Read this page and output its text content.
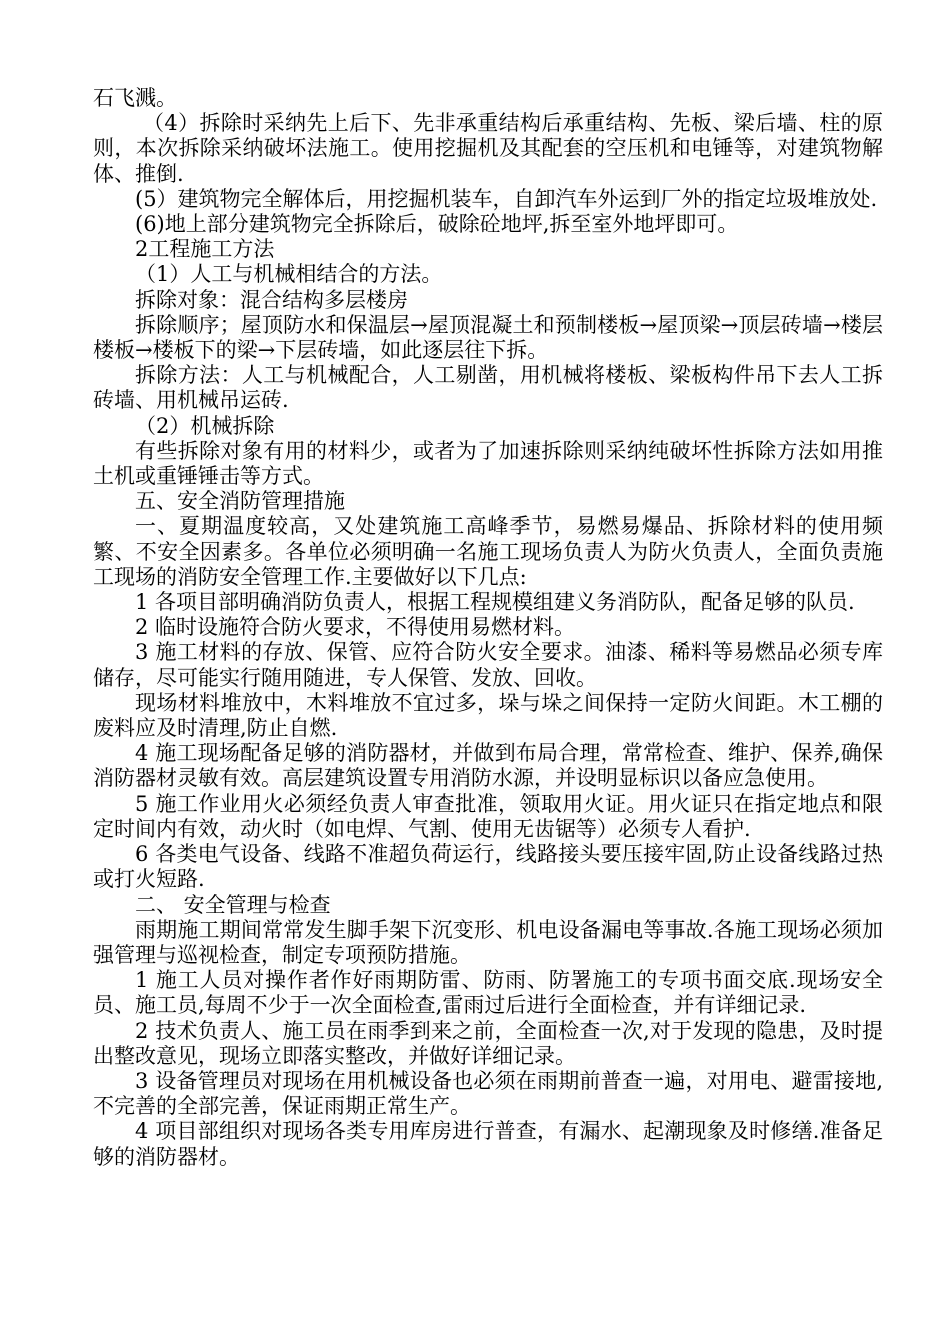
石飞溅。

（4）拆除时采纳先上后下、先非承重结构后承重结构、先板、梁后墙、柱的原则，本次拆除采纳破坏法施工。使用挖掘机及其配套的空压机和电锤等，对建筑物解体、推倒.

(5）建筑物完全解体后，用挖掘机装车，自卸汽车外运到厂外的指定垃圾堆放处.

(6)地上部分建筑物完全拆除后，破除砼地坪,拆至室外地坪即可。

2工程施工方法

（1）人工与机械相结合的方法。

拆除对象：混合结构多层楼房

拆除顺序；屋顶防水和保温层→屋顶混凝土和预制楼板→屋顶梁→顶层砖墙→楼层楼板→楼板下的梁→下层砖墙，如此逐层往下拆。

拆除方法：人工与机械配合，人工剔凿，用机械将楼板、梁板构件吊下去人工拆砖墙、用机械吊运砖.

（2）机械拆除

有些拆除对象有用的材料少，或者为了加速拆除则采纳纯破坏性拆除方法如用推土机或重锤锤击等方式。

五、安全消防管理措施

一、夏期温度较高，又处建筑施工高峰季节，易燃易爆品、拆除材料的使用频繁、不安全因素多。各单位必须明确一名施工现场负责人为防火负责人，全面负责施工现场的消防安全管理工作.主要做好以下几点:

1 各项目部明确消防负责人，根据工程规模组建义务消防队，配备足够的队员.

2 临时设施符合防火要求，不得使用易燃材料。

3 施工材料的存放、保管、应符合防火安全要求。油漆、稀料等易燃品必须专库储存，尽可能实行随用随进，专人保管、发放、回收。

现场材料堆放中，木料堆放不宜过多，垛与垛之间保持一定防火间距。木工棚的废料应及时清理,防止自燃.

4 施工现场配备足够的消防器材，并做到布局合理，常常检查、维护、保养,确保消防器材灵敏有效。高层建筑设置专用消防水源，并设明显标识以备应急使用。

5 施工作业用火必须经负责人审查批准，领取用火证。用火证只在指定地点和限定时间内有效，动火时（如电焊、气割、使用无齿锯等）必须专人看护.

6 各类电气设备、线路不准超负荷运行，线路接头要压接牢固,防止设备线路过热或打火短路.

二、 安全管理与检查

雨期施工期间常常发生脚手架下沉变形、机电设备漏电等事故.各施工现场必须加强管理与巡视检查，制定专项预防措施。

1 施工人员对操作者作好雨期防雷、防雨、防署施工的专项书面交底.现场安全员、施工员,每周不少于一次全面检查,雷雨过后进行全面检查，并有详细记录.

2 技术负责人、施工员在雨季到来之前，全面检查一次,对于发现的隐患，及时提出整改意见，现场立即落实整改，并做好详细记录。

3 设备管理员对现场在用机械设备也必须在雨期前普查一遍，对用电、避雷接地,不完善的全部完善，保证雨期正常生产。

4 项目部组织对现场各类专用库房进行普查，有漏水、起潮现象及时修缮.准备足够的消防器材。
